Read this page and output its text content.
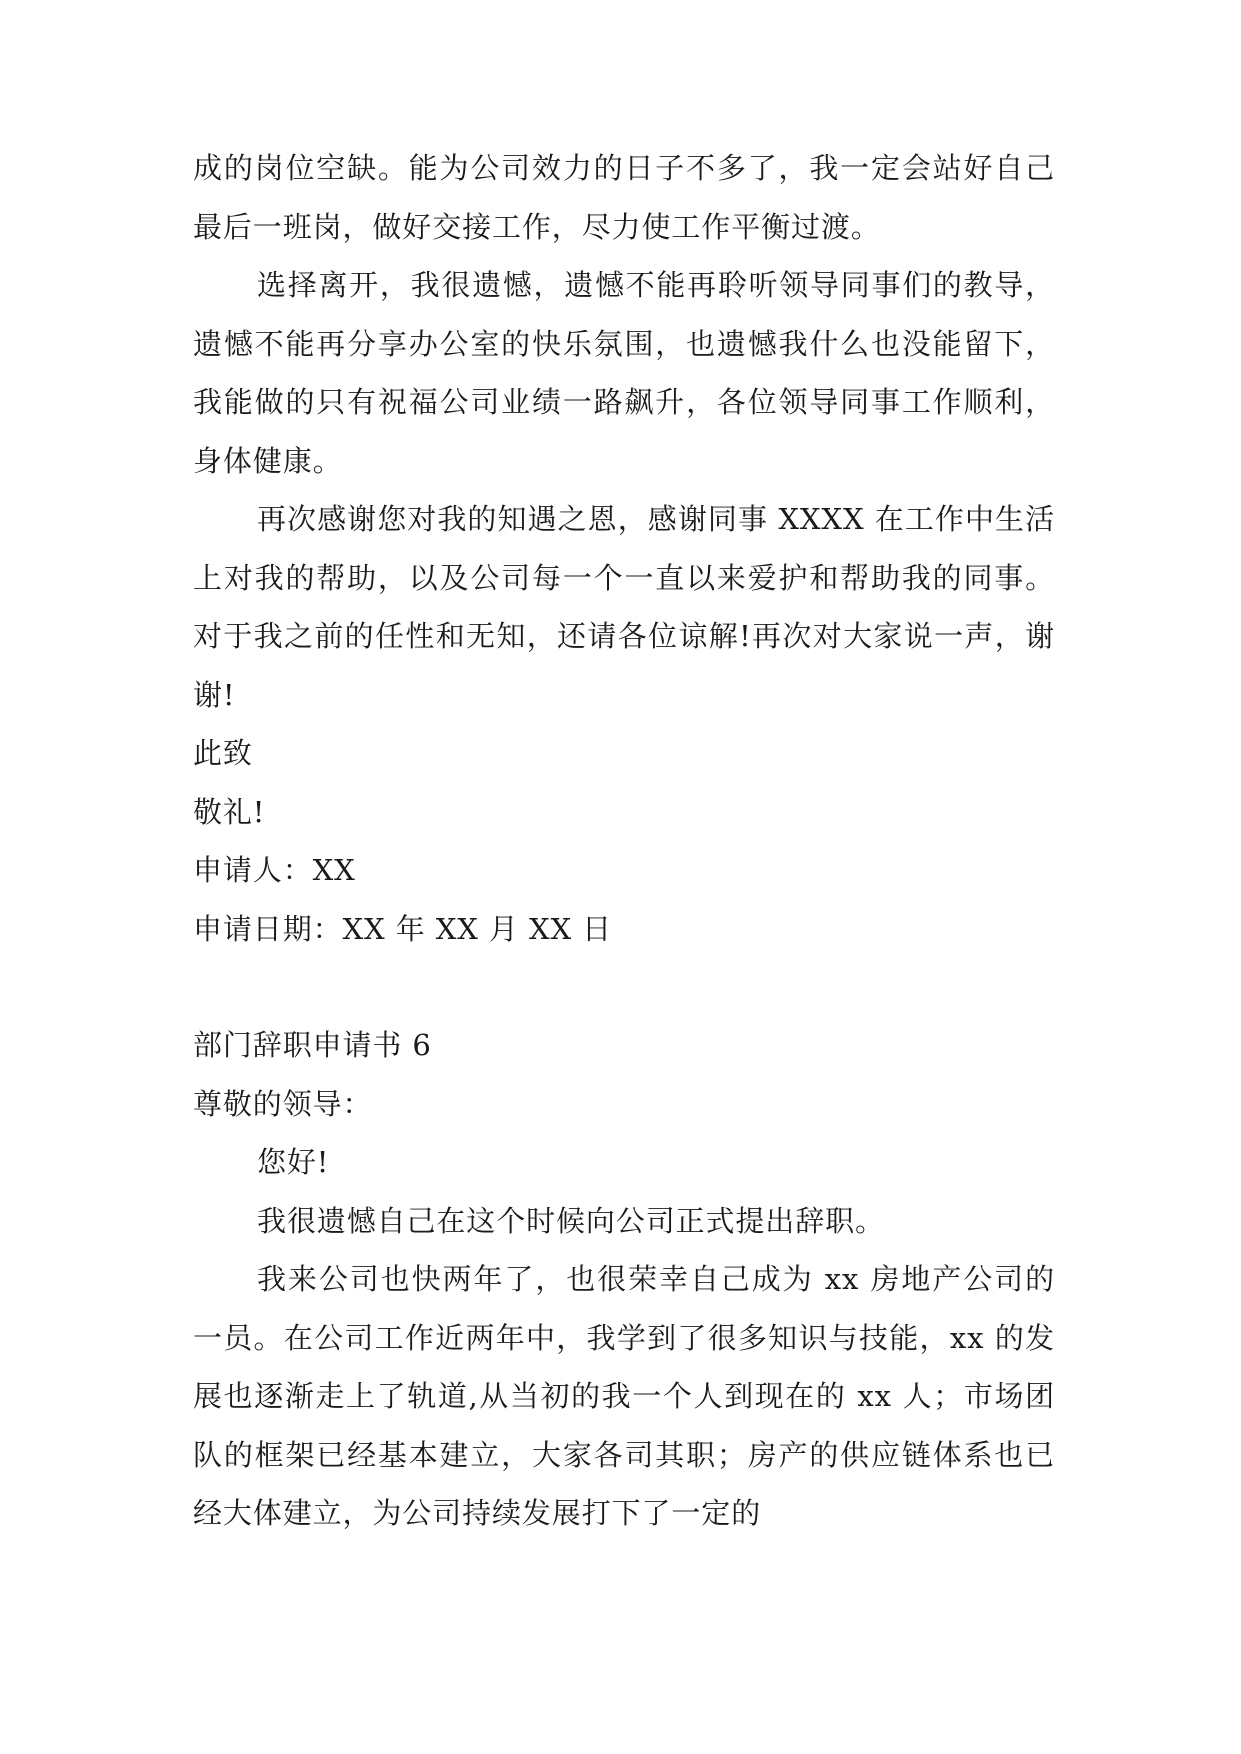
成的岗位空缺。能为公司效力的日子不多了，我一定会站好自己最后一班岗，做好交接工作，尽力使工作平衡过渡。

选择离开，我很遗憾，遗憾不能再聆听领导同事们的教导，遗憾不能再分享办公室的快乐氛围，也遗憾我什么也没能留下，我能做的只有祝福公司业绩一路飙升，各位领导同事工作顺利，身体健康。

再次感谢您对我的知遇之恩，感谢同事 XXXX 在工作中生活上对我的帮助，以及公司每一个一直以来爱护和帮助我的同事。对于我之前的任性和无知，还请各位谅解!再次对大家说一声，谢谢!

此致

敬礼!

申请人：XX

申请日期：XX 年 XX 月 XX 日

部门辞职申请书 6

尊敬的领导：

您好!

我很遗憾自己在这个时候向公司正式提出辞职。

我来公司也快两年了，也很荣幸自己成为 xx 房地产公司的一员。在公司工作近两年中，我学到了很多知识与技能，xx 的发展也逐渐走上了轨道,从当初的我一个人到现在的 xx 人；市场团队的框架已经基本建立，大家各司其职；房产的供应链体系也已经大体建立，为公司持续发展打下了一定的
